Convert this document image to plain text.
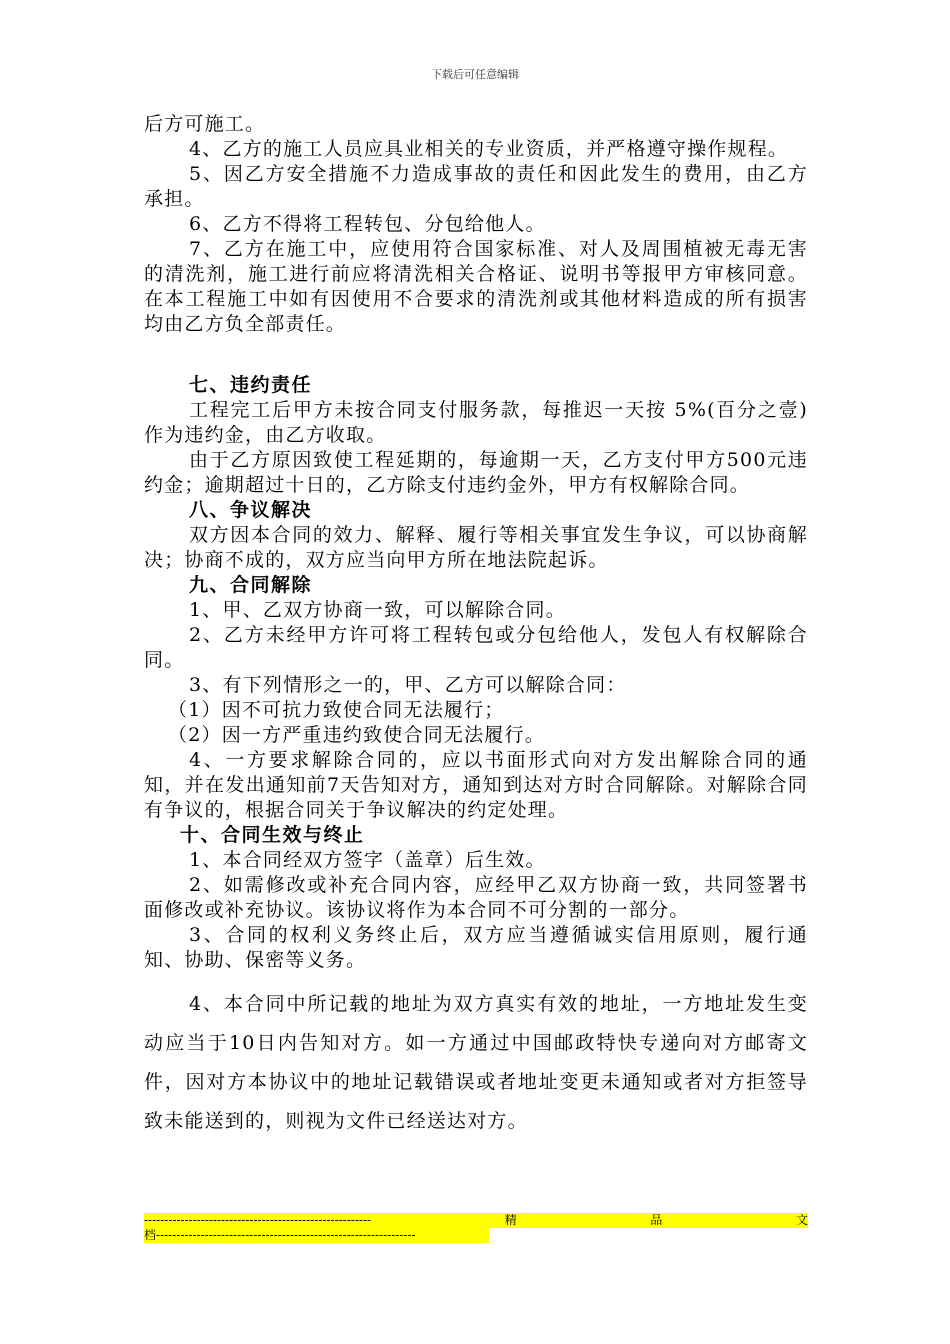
下载后可任意编辑

后方可施工。

4、乙方的施工人员应具业相关的专业资质，并严格遵守操作规程。

5、因乙方安全措施不力造成事故的责任和因此发生的费用，由乙方承担。

6、乙方不得将工程转包、分包给他人。

7、乙方在施工中，应使用符合国家标准、对人及周围植被无毒无害的清洗剂，施工进行前应将清洗相关合格证、说明书等报甲方审核同意。在本工程施工中如有因使用不合要求的清洗剂或其他材料造成的所有损害均由乙方负全部责任。

七、违约责任

工程完工后甲方未按合同支付服务款，每推迟一天按 5%(百分之壹)作为违约金，由乙方收取。

由于乙方原因致使工程延期的，每逾期一天，乙方支付甲方500元违约金；逾期超过十日的，乙方除支付违约金外，甲方有权解除合同。

八、争议解决

双方因本合同的效力、解释、履行等相关事宜发生争议，可以协商解决；协商不成的，双方应当向甲方所在地法院起诉。

九、合同解除

1、甲、乙双方协商一致，可以解除合同。

2、乙方未经甲方许可将工程转包或分包给他人，发包人有权解除合同。

3、有下列情形之一的，甲、乙方可以解除合同：

（1）因不可抗力致使合同无法履行；

（2）因一方严重违约致使合同无法履行。

4、一方要求解除合同的，应以书面形式向对方发出解除合同的通知，并在发出通知前7天告知对方，通知到达对方时合同解除。对解除合同有争议的，根据合同关于争议解决的约定处理。

十、合同生效与终止

1、本合同经双方签字（盖章）后生效。

2、如需修改或补充合同内容，应经甲乙双方协商一致，共同签署书面修改或补充协议。该协议将作为本合同不可分割的一部分。

3、合同的权利义务终止后，双方应当遵循诚实信用原则，履行通知、协助、保密等义务。

4、本合同中所记载的地址为双方真实有效的地址，一方地址发生变动应当于10日内告知对方。如一方通过中国邮政特快专递向对方邮寄文件，因对方本协议中的地址记载错误或者地址变更未通知或者对方拒签导致未能送到的，则视为文件已经送达对方。

--------------------------------------------------------	精	品	文
档----------------------------------------------------------------
